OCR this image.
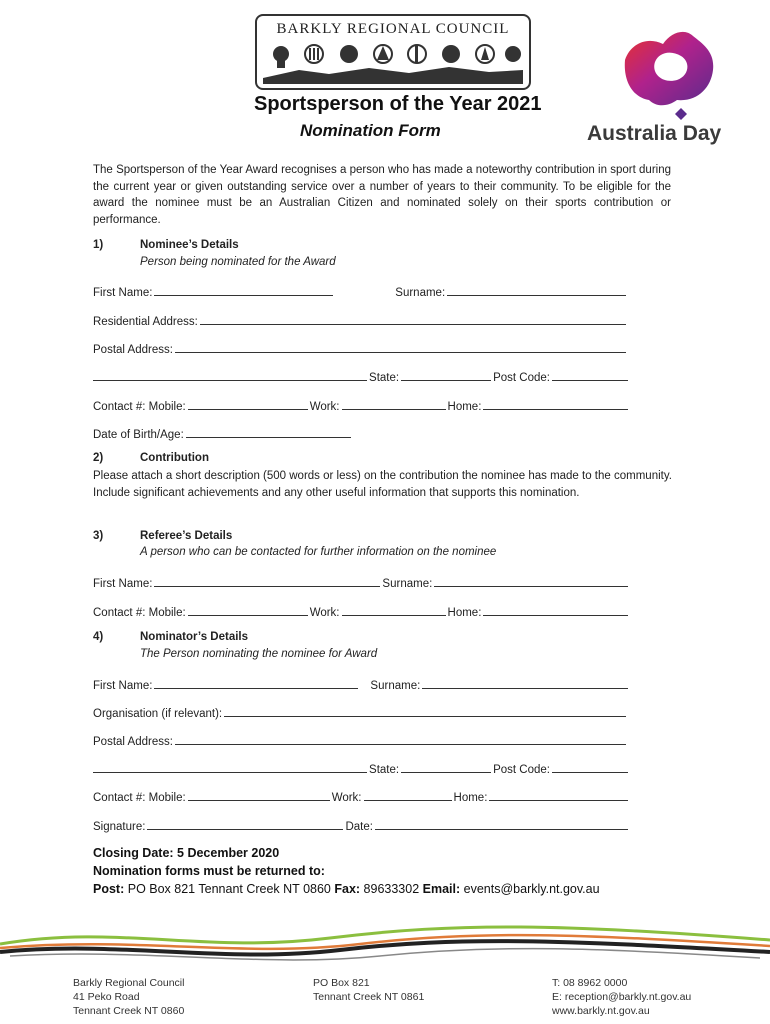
BARKLY REGIONAL COUNCIL
Australia Day
Sportsperson of the Year 2021
Nomination Form
The Sportsperson of the Year Award recognises a person who has made a noteworthy contribution in sport during the current year or given outstanding service over a number of years to their community. To be eligible for the award the nominee must be an Australian Citizen and nominated solely on their sports contribution or performance.
1)	Nominee’s Details
Person being nominated for the Award
First Name:	Surname:
Residential Address:
Postal Address:
State:	Post Code:
Contact #: Mobile:	Work:	Home:
Date of Birth/Age:
2)	Contribution
Please attach a short description (500 words or less) on the contribution the nominee has made to the community. Include significant achievements and any other useful information that supports this nomination.
3)	Referee’s Details
A person who can be contacted for further information on the nominee
First Name:	Surname:
Contact #: Mobile:	Work:	Home:
4)	Nominator’s Details
The Person nominating the nominee for Award
First Name:	Surname:
Organisation (if relevant):
Postal Address:
State:	Post Code:
Contact #: Mobile:	Work:	Home:
Signature:	Date:
Closing Date: 5 December 2020
Nomination forms must be returned to:
Post: PO Box 821 Tennant Creek NT 0860 Fax: 89633302 Email: events@barkly.nt.gov.au
Barkly Regional Council
41 Peko Road
Tennant Creek NT 0860
PO Box 821
Tennant Creek NT 0861
T: 08 8962 0000
E: reception@barkly.nt.gov.au
www.barkly.nt.gov.au
